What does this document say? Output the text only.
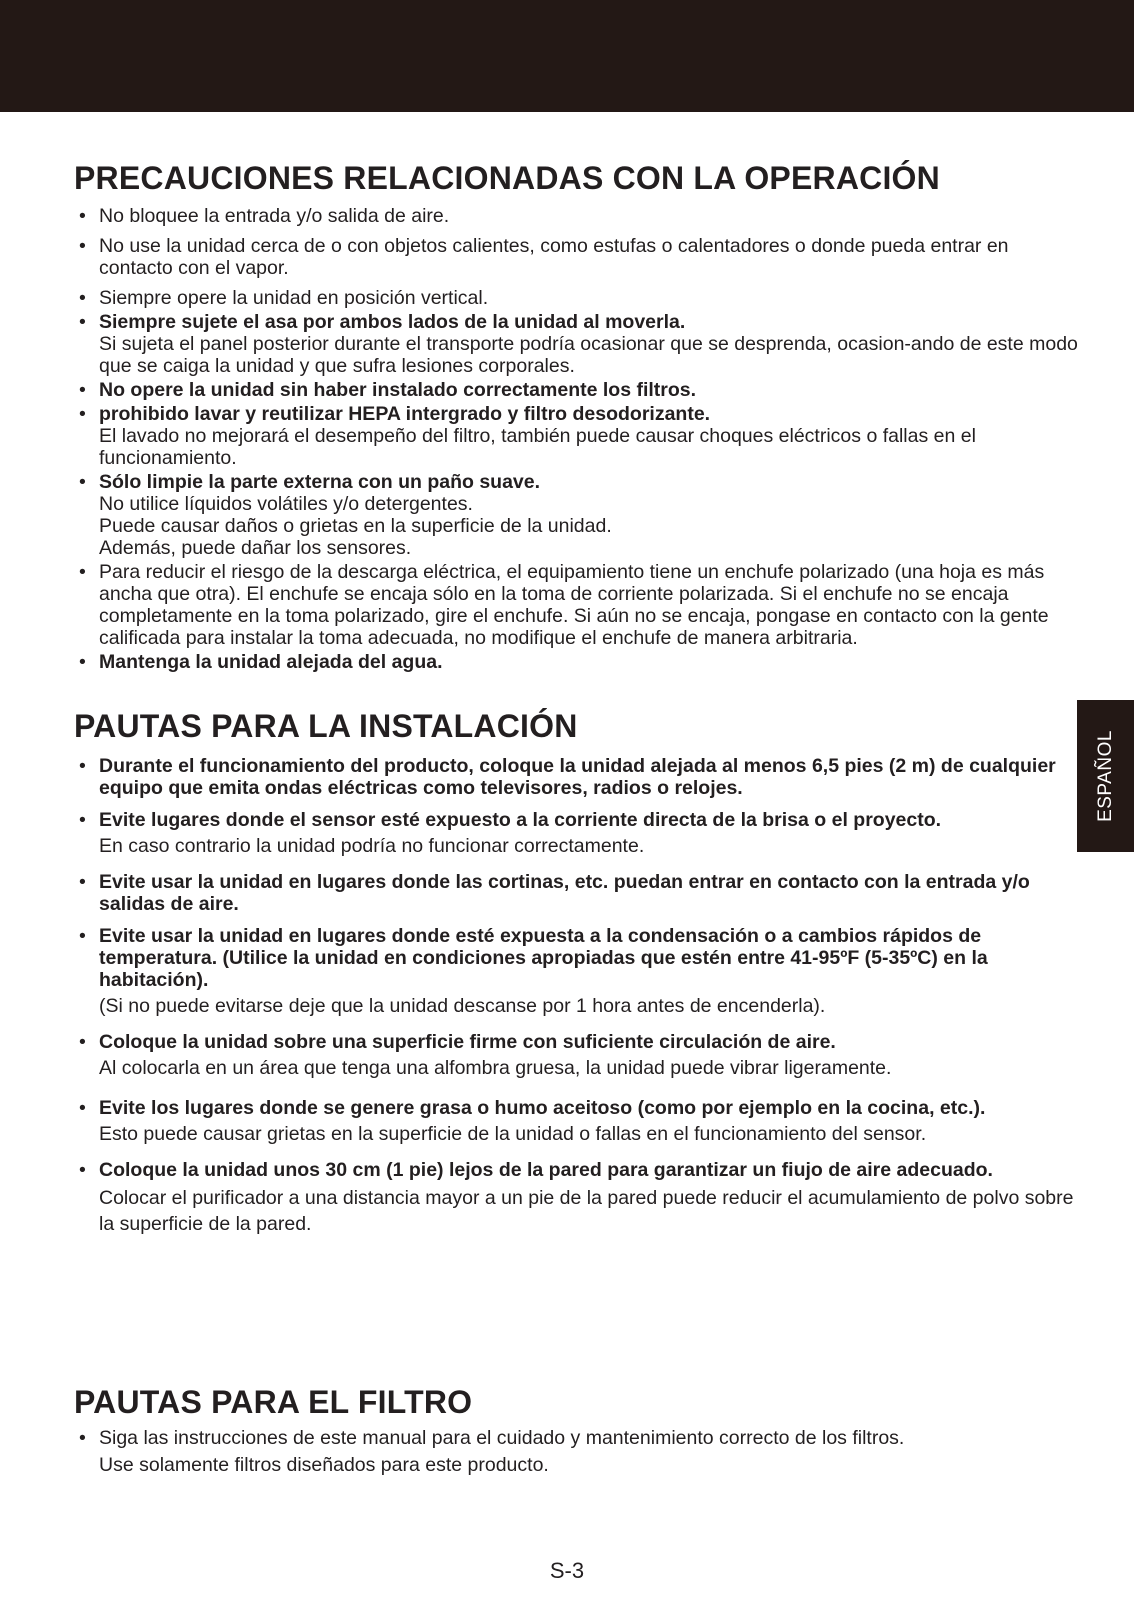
ESPAÑOL
PRECAUCIONES RELACIONADAS CON LA OPERACIÓN
• No bloquee la entrada y/o salida de aire.
• No use la unidad cerca de o con objetos calientes, como estufas o calentadores o donde pueda entrar en contacto con el vapor.
• Siempre opere la unidad en posición vertical.
• Siempre sujete el asa por ambos lados de la unidad al moverla.
Si sujeta el panel posterior durante el transporte podría ocasionar que se desprenda, ocasion-ando de este modo que se caiga la unidad y que sufra lesiones corporales.
• No opere la unidad sin haber instalado correctamente los filtros.
• prohibido lavar y reutilizar HEPA intergrado y filtro desodorizante.
El lavado no mejorará el desempeño del filtro, también puede causar choques eléctricos o fallas en el funcionamiento.
• Sólo limpie la parte externa con un paño suave.
No utilice líquidos volátiles y/o detergentes.
Puede causar daños o grietas en la superficie de la unidad.
Además, puede dañar los sensores.
• Para reducir el riesgo de la descarga eléctrica, el equipamiento tiene un enchufe polarizado (una hoja es más ancha que otra). El enchufe se encaja sólo en la toma de corriente polarizada. Si el enchufe no se encaja completamente en la toma polarizado, gire el enchufe. Si aún no se encaja, pongase en contacto con la gente calificada para instalar la toma adecuada, no modifique el enchufe de manera arbitraria.
• Mantenga la unidad alejada del agua.
PAUTAS PARA LA INSTALACIÓN
• Durante el funcionamiento del producto, coloque la unidad alejada al menos 6,5 pies (2 m) de cualquier equipo que emita ondas eléctricas como televisores, radios o relojes.
• Evite lugares donde el sensor esté expuesto a la corriente directa de la brisa o el proyecto.
En caso contrario la unidad podría no funcionar correctamente.
• Evite usar la unidad en lugares donde las cortinas, etc. puedan entrar en contacto con la entrada y/o salidas de aire.
• Evite usar la unidad en lugares donde esté expuesta a la condensación o a cambios rápidos de temperatura. (Utilice la unidad en condiciones apropiadas que estén entre 41-95ºF (5-35ºC) en la habitación).
(Si no puede evitarse deje que la unidad descanse por 1 hora antes de encenderla).
• Coloque la unidad sobre una superficie firme con suficiente circulación de aire.
Al colocarla en un área que tenga una alfombra gruesa, la unidad puede vibrar ligeramente.
• Evite los lugares donde se genere grasa o humo aceitoso (como por ejemplo en la cocina, etc.).
Esto puede causar grietas en la superficie de la unidad o fallas en el funcionamiento del sensor.
• Coloque la unidad unos 30 cm (1 pie) lejos de la pared para garantizar un fiujo de aire adecuado.
Colocar el purificador a una distancia mayor a un pie de la pared puede reducir el acumulamiento de polvo sobre la superficie de la pared.
PAUTAS PARA EL FILTRO
• Siga las instrucciones de este manual para el cuidado y mantenimiento correcto de los filtros.
Use solamente filtros diseñados para este producto.
S-3
